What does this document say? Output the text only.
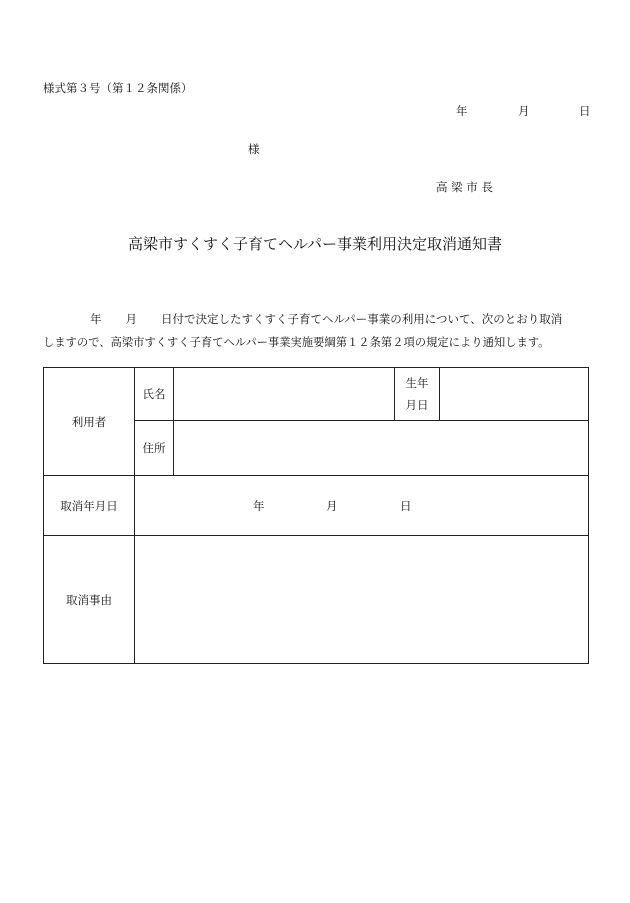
様式第３号（第１２条関係）
年	月	日
様
高 梁 市 長
高梁市すくすく子育てヘルパー事業利用決定取消通知書
年 月 日付で決定したすくすく子育てヘルパー事業の利用について、次のとおり取消
しますので、高梁市すくすく子育てヘルパー事業実施要綱第１２条第２項の規定により通知します。
利用者	氏名		生年
月日	

	住所			
取消年月日	年 月 日			

取消事由				
